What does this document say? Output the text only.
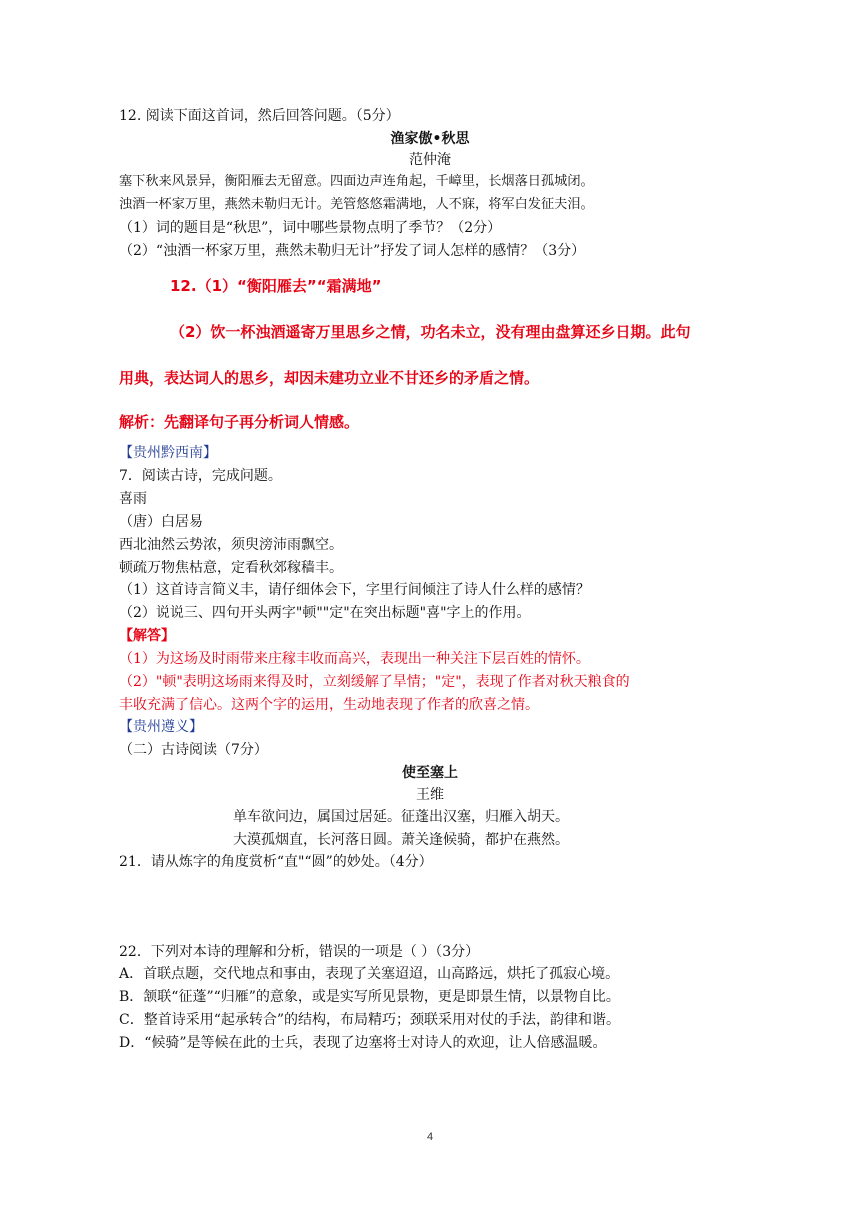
12. 阅读下面这首词，然后回答问题。（5分）
渔家傲•秋思
范仲淹
塞下秋来风景异，衡阳雁去无留意。四面边声连角起，千嶂里，长烟落日孤城闭。
浊酒一杯家万里，燕然未勒归无计。羌管悠悠霜满地，人不寐，将军白发征夫泪。
（1）词的题目是“秋思”，词中哪些景物点明了季节？（2分）
（2）“浊酒一杯家万里，燕然未勒归无计”抒发了词人怎样的感情？（3分）
12.（1）“衡阳雁去”“霜满地”
（2）饮一杯浊酒遥寄万里思乡之情，功名未立，没有理由盘算还乡日期。此句
用典，表达词人的思乡，却因未建功立业不甘还乡的矛盾之情。
解析：先翻译句子再分析词人情感。
【贵州黔西南】
7．阅读古诗，完成问题。
喜雨
（唐）白居易
西北油然云势浓，须臾滂沛雨飘空。
顿疏万物焦枯意，定看秋郊稼穑丰。
（1）这首诗言简义丰，请仔细体会下，字里行间倾注了诗人什么样的感情？
（2）说说三、四句开头两字"顿""定"在突出标题"喜"字上的作用。
【解答】
（1）为这场及时雨带来庄稼丰收而高兴，表现出一种关注下层百姓的情怀。
（2）"顿"表明这场雨来得及时，立刻缓解了旱情；"定"，表现了作者对秋天粮食的
丰收充满了信心。这两个字的运用，生动地表现了作者的欣喜之情。
【贵州遵义】
（二）古诗阅读（7分）
使至塞上
王维
单车欲问边，属国过居延。征蓬出汉塞，归雁入胡天。
大漠孤烟直，长河落日圆。萧关逢候骑，都护在燕然。
21．请从炼字的角度赏析“直"“圆”的妙处。（4分）
22．下列对本诗的理解和分析，错误的一项是（ ）（3分）
A．首联点题，交代地点和事由，表现了关塞迢迢，山高路远，烘托了孤寂心境。
B．颔联“征蓬”“归雁”的意象，或是实写所见景物，更是即景生情，以景物自比。
C．整首诗采用“起承转合”的结构，布局精巧；颈联采用对仗的手法，韵律和谐。
D．“候骑”是等候在此的士兵，表现了边塞将士对诗人的欢迎，让人倍感温暖。
4
